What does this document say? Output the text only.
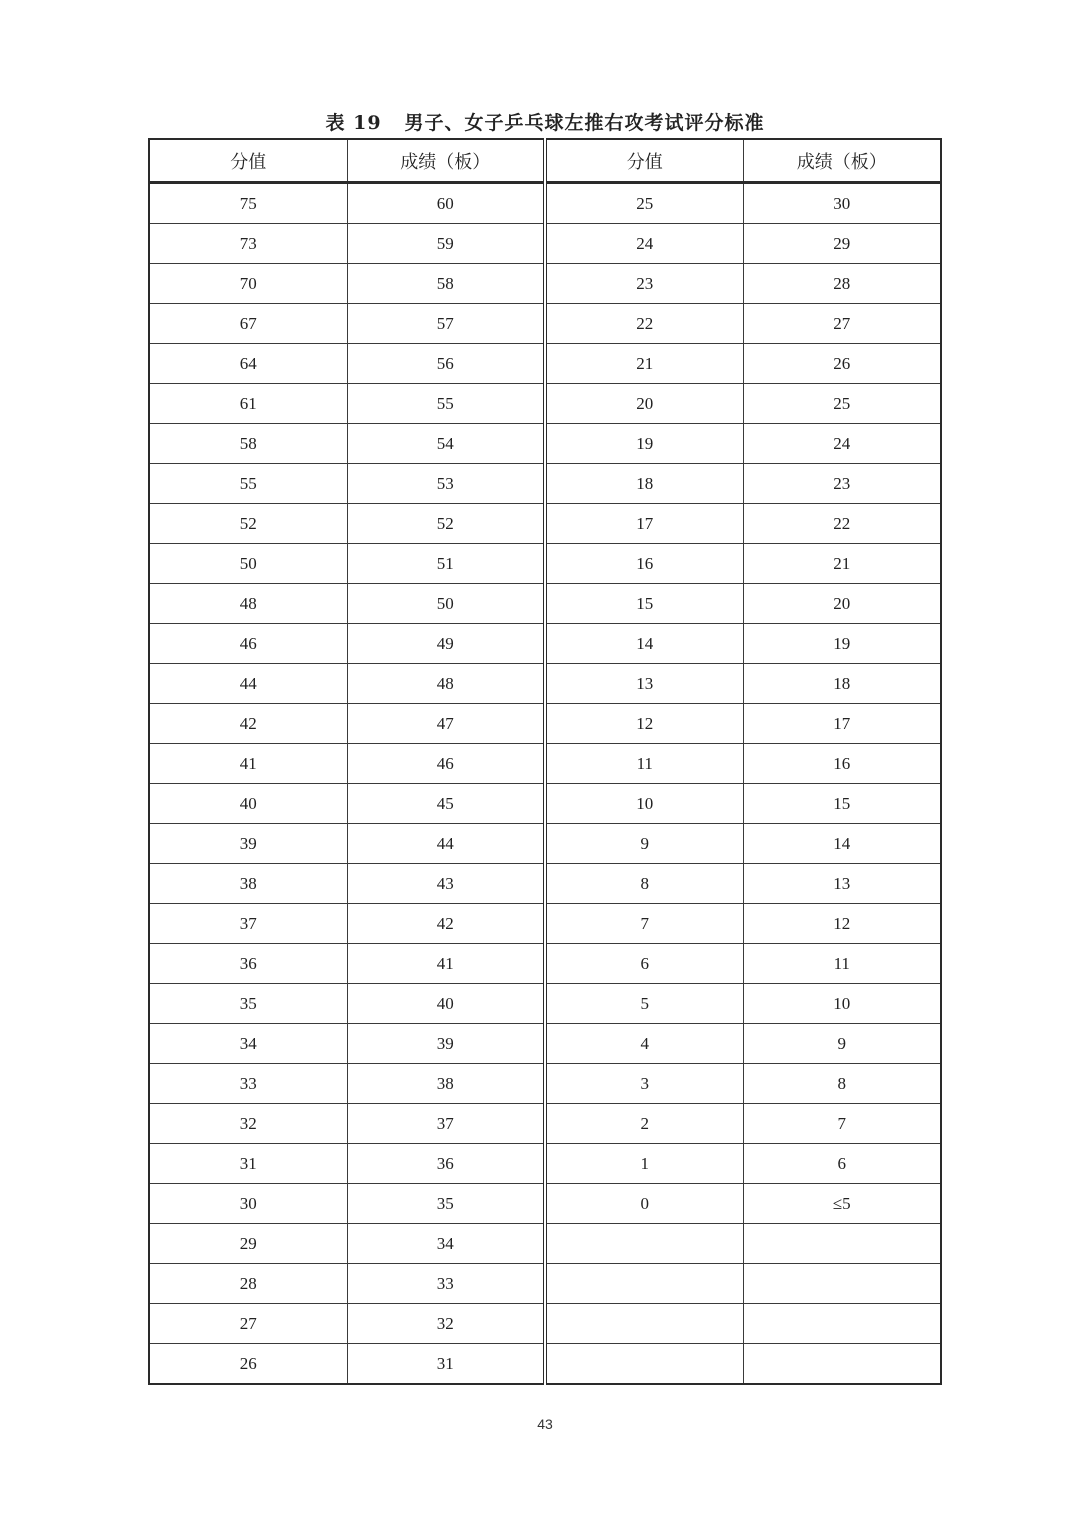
表 19   男子、女子乒乓球左推右攻考试评分标准
分值	成绩（板）	分值	成绩（板）
75	60	25	30
73	59	24	29
70	58	23	28
67	57	22	27
64	56	21	26
61	55	20	25
58	54	19	24
55	53	18	23
52	52	17	22
50	51	16	21
48	50	15	20
46	49	14	19
44	48	13	18
42	47	12	17
41	46	11	16
40	45	10	15
39	44	9	14
38	43	8	13
37	42	7	12
36	41	6	11
35	40	5	10
34	39	4	9
33	38	3	8
32	37	2	7
31	36	1	6
30	35	0	≤5
29	34		
28	33		
27	32		
26	31		
43
